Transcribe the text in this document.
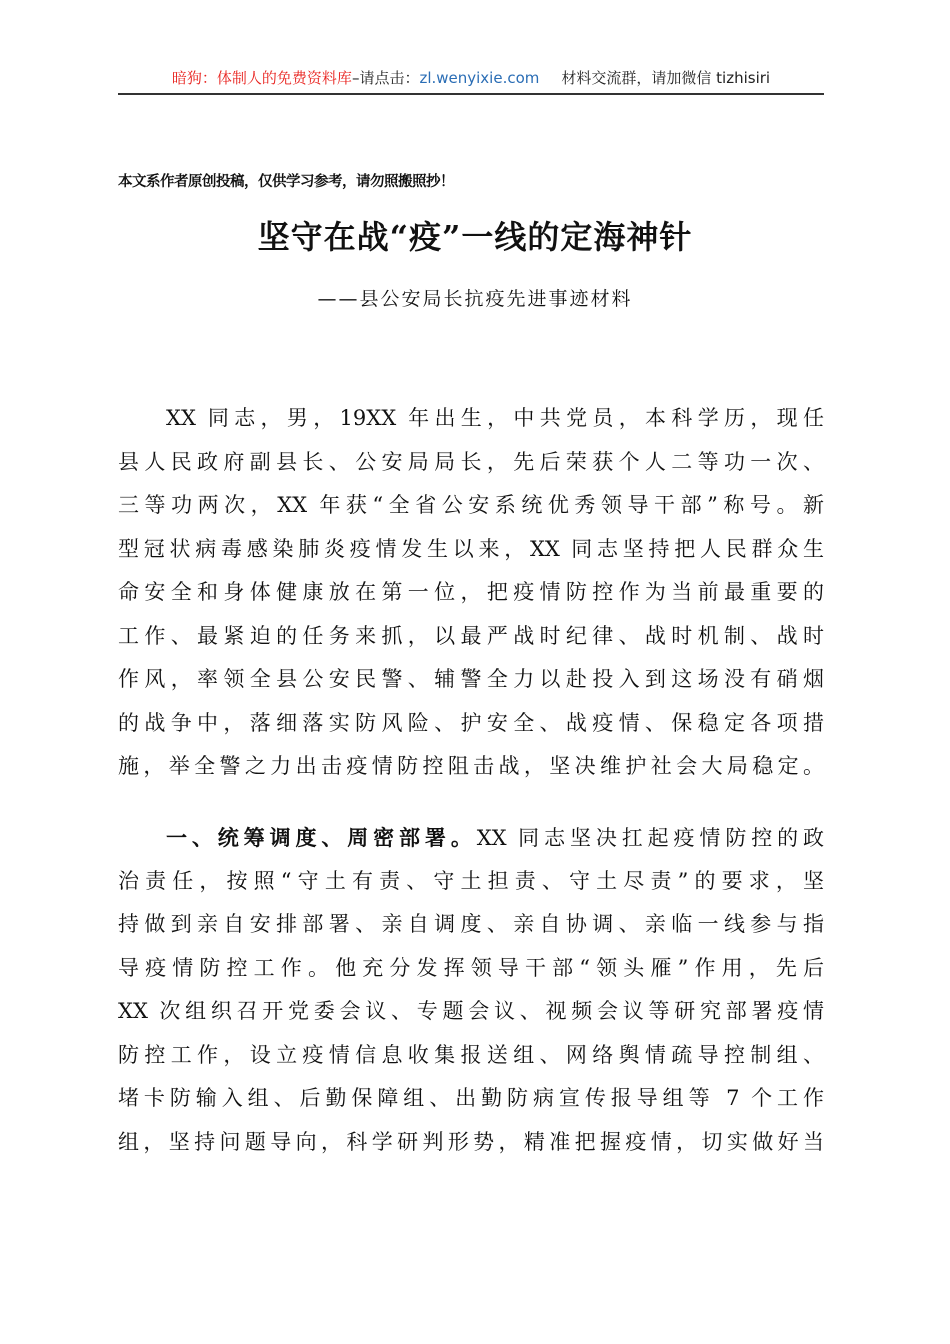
暗狗：体制人的免费资料库–请点击：zl.wenyixie.com 材料交流群，请加微信 tizhisiri
本文系作者原创投稿，仅供学习参考，请勿照搬照抄！
坚守在战“疫”一线的定海神针
——县公安局长抗疫先进事迹材料
XX 同志，男，19XX 年出生，中共党员，本科学历，现任
县人民政府副县长、公安局局长，先后荣获个人二等功一次、
三等功两次，XX 年获“全省公安系统优秀领导干部”称号。新
型冠状病毒感染肺炎疫情发生以来，XX 同志坚持把人民群众生
命安全和身体健康放在第一位，把疫情防控作为当前最重要的
工作、最紧迫的任务来抓，以最严战时纪律、战时机制、战时
作风，率领全县公安民警、辅警全力以赴投入到这场没有硝烟
的战争中，落细落实防风险、护安全、战疫情、保稳定各项措
施，举全警之力出击疫情防控阻击战，坚决维护社会大局稳定。
一、统筹调度、周密部署。XX 同志坚决扛起疫情防控的政
治责任，按照“守土有责、守土担责、守土尽责”的要求，坚
持做到亲自安排部署、亲自调度、亲自协调、亲临一线参与指
导疫情防控工作。他充分发挥领导干部“领头雁”作用，先后
XX 次组织召开党委会议、专题会议、视频会议等研究部署疫情
防控工作，设立疫情信息收集报送组、网络舆情疏导控制组、
堵卡防输入组、后勤保障组、出勤防病宣传报导组等 7 个工作
组，坚持问题导向，科学研判形势，精准把握疫情，切实做好当
